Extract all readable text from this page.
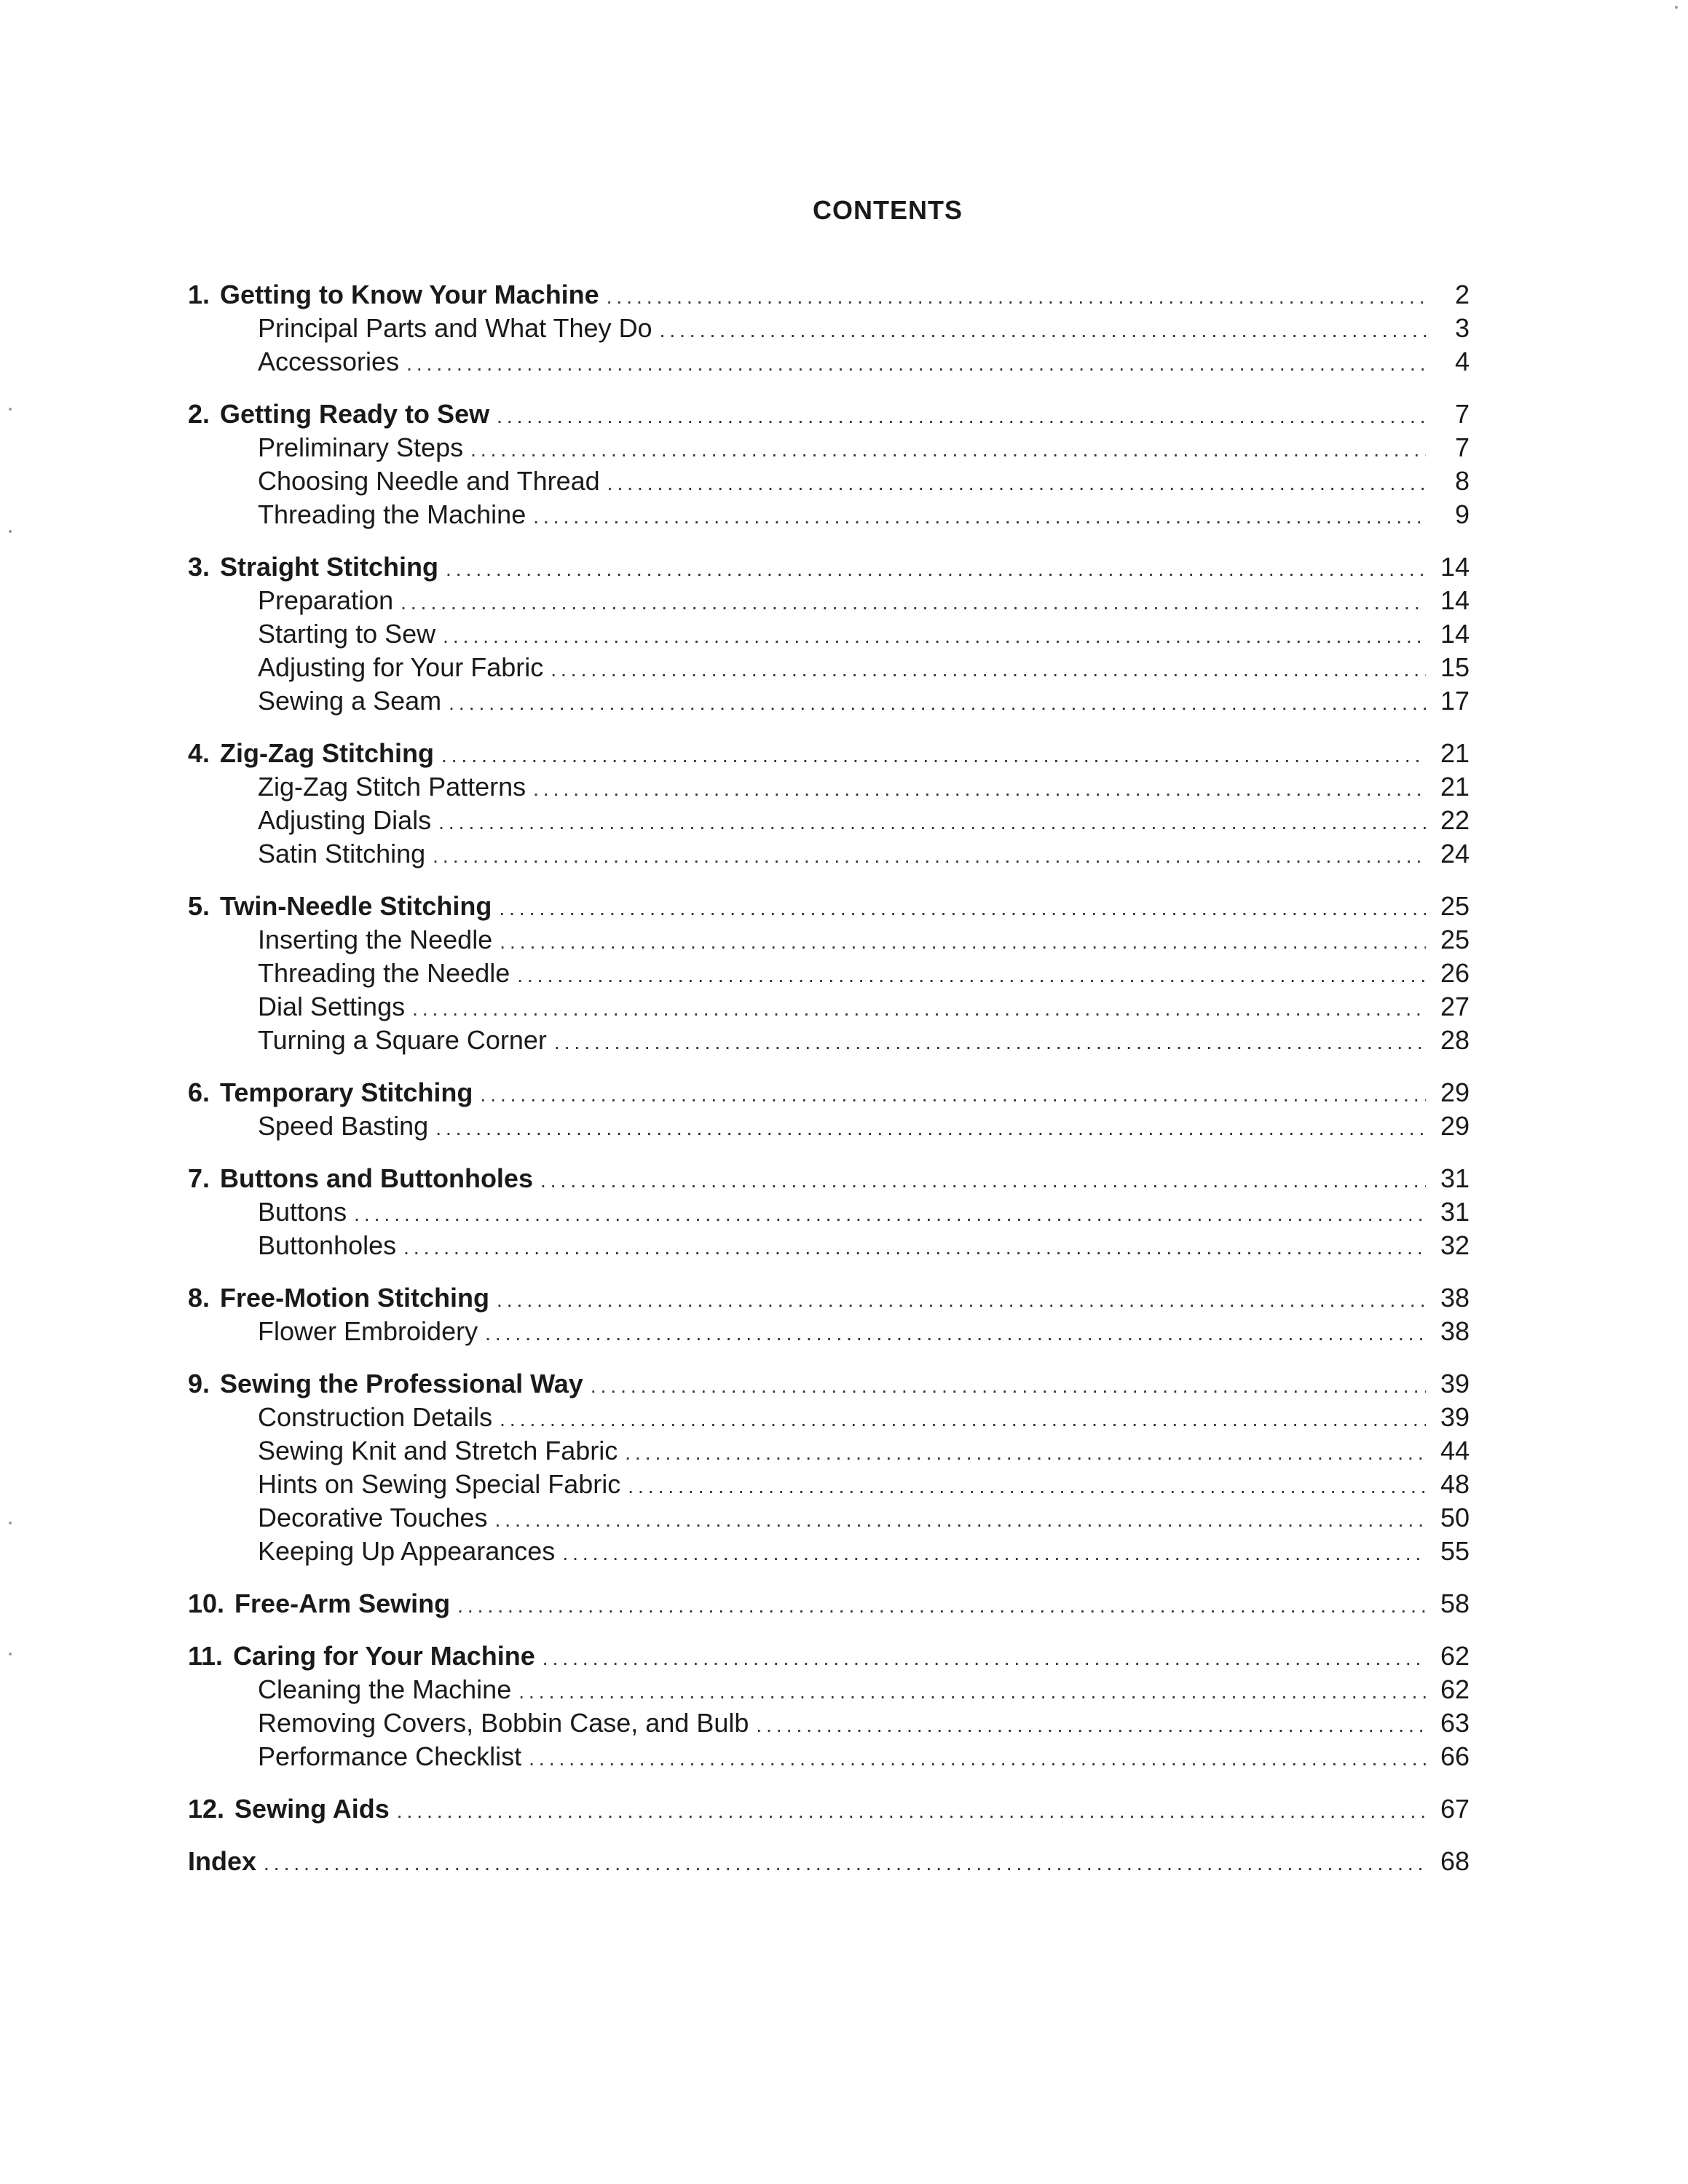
CONTENTS
1. Getting to Know Your Machine .....	2
Principal Parts and What They Do .....	3
Accessories .....	4
2. Getting Ready to Sew .....	7
Preliminary Steps .....	7
Choosing Needle and Thread .....	8
Threading the Machine .....	9
3. Straight Stitching .....	14
Preparation .....	14
Starting to Sew .....	14
Adjusting for Your Fabric .....	15
Sewing a Seam .....	17
4. Zig-Zag Stitching .....	21
Zig-Zag Stitch Patterns .....	21
Adjusting Dials .....	22
Satin Stitching .....	24
5. Twin-Needle Stitching .....	25
Inserting the Needle .....	25
Threading the Needle .....	26
Dial Settings .....	27
Turning a Square Corner .....	28
6. Temporary Stitching .....	29
Speed Basting .....	29
7. Buttons and Buttonholes .....	31
Buttons .....	31
Buttonholes .....	32
8. Free-Motion Stitching .....	38
Flower Embroidery .....	38
9. Sewing the Professional Way .....	39
Construction Details .....	39
Sewing Knit and Stretch Fabric .....	44
Hints on Sewing Special Fabric .....	48
Decorative Touches .....	50
Keeping Up Appearances .....	55
10. Free-Arm Sewing .....	58
11. Caring for Your Machine .....	62
Cleaning the Machine .....	62
Removing Covers, Bobbin Case, and Bulb .....	63
Performance Checklist .....	66
12. Sewing Aids .....	67
Index .....	68
